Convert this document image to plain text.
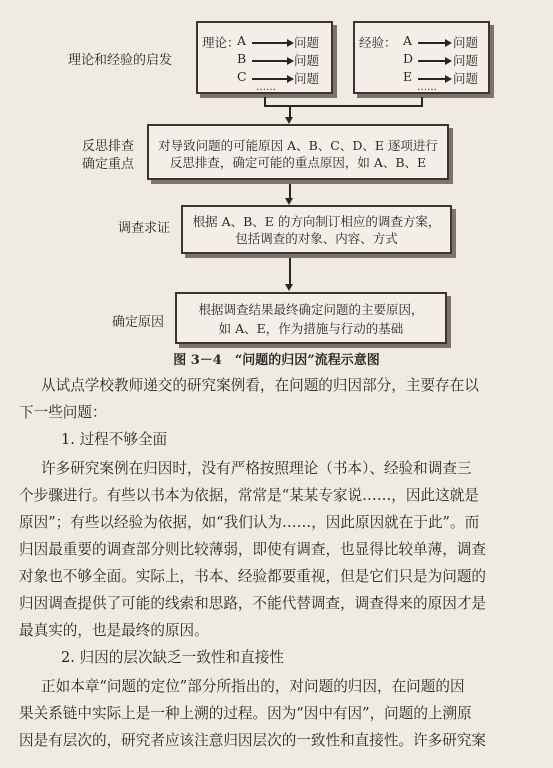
理论和经验的启发
理论：
A	问题
B	问题
C	问题
……
经验： A	问题
D	问题
E	问题
……
反思排查
确定重点
对导致问题的可能原因 A、B、C、D、E 逐项进行
反思排查，确定可能的重点原因，如 A、B、E
调查求证	根据 A、B、E 的方向制订相应的调查方案，
包括调查的对象、内容、方式
确定原因
根据调查结果最终确定问题的主要原因，
如 A、E，作为措施与行动的基础
图 3－4　“问题的归因”流程示意图
从试点学校教师递交的研究案例看，在问题的归因部分，主要存在以
下一些问题：
1. 过程不够全面
许多研究案例在归因时，没有严格按照理论（书本）、经验和调查三
个步骤进行。有些以书本为依据，常常是“某某专家说……，因此这就是
原因”；有些以经验为依据，如“我们认为……，因此原因就在于此”。而
归因最重要的调查部分则比较薄弱，即使有调查，也显得比较单薄，调查
对象也不够全面。实际上，书本、经验都要重视，但是它们只是为问题的
归因调查提供了可能的线索和思路，不能代替调查，调查得来的原因才是
最真实的，也是最终的原因。
2. 归因的层次缺乏一致性和直接性
正如本章“问题的定位”部分所指出的，对问题的归因，在问题的因
果关系链中实际上是一种上溯的过程。因为“因中有因”，问题的上溯原
因是有层次的，研究者应该注意归因层次的一致性和直接性。许多研究案
